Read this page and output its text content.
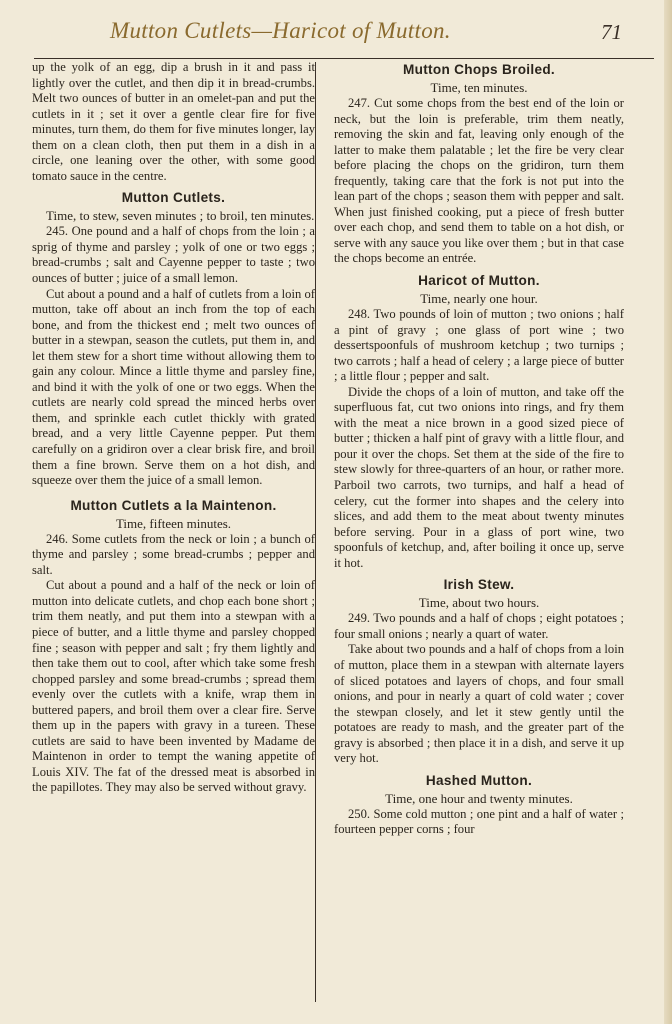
Mutton Cutlets—Haricot of Mutton.	71

up the yolk of an egg, dip a brush in it and pass it lightly over the cutlet, and then dip it in bread-crumbs. Melt two ounces of butter in an omelet-pan and put the cutlets in it ; set it over a gentle clear fire for five minutes, turn them, do them for five minutes longer, lay them on a clean cloth, then put them in a dish in a circle, one leaning over the other, with some good tomato sauce in the centre.

Mutton Cutlets.

Time, to stew, seven minutes ; to broil, ten minutes.

245. One pound and a half of chops from the loin ; a sprig of thyme and parsley ; yolk of one or two eggs ; bread-crumbs ; salt and Cayenne pepper to taste ; two ounces of butter ; juice of a small lemon.

Cut about a pound and a half of cutlets from a loin of mutton, take off about an inch from the top of each bone, and from the thickest end ; melt two ounces of butter in a stewpan, season the cutlets, put them in, and let them stew for a short time without allowing them to gain any colour. Mince a little thyme and parsley fine, and bind it with the yolk of one or two eggs. When the cutlets are nearly cold spread the minced herbs over them, and sprinkle each cutlet thickly with grated bread, and a very little Cayenne pepper. Put them carefully on a gridiron over a clear brisk fire, and broil them a fine brown. Serve them on a hot dish, and squeeze over them the juice of a small lemon.

Mutton Cutlets a la Maintenon.

Time, fifteen minutes.

246. Some cutlets from the neck or loin ; a bunch of thyme and parsley ; some bread-crumbs ; pepper and salt.

Cut about a pound and a half of the neck or loin of mutton into delicate cutlets, and chop each bone short ; trim them neatly, and put them into a stewpan with a piece of butter, and a little thyme and parsley chopped fine ; season with pepper and salt ; fry them lightly and then take them out to cool, after which take some fresh chopped parsley and some bread-crumbs ; spread them evenly over the cutlets with a knife, wrap them in buttered papers, and broil them over a clear fire. Serve them up in the papers with gravy in a tureen. These cutlets are said to have been invented by Madame de Maintenon in order to tempt the waning appetite of Louis XIV. The fat of the dressed meat is absorbed in the papillotes. They may also be served without gravy.

Mutton Chops Broiled.

Time, ten minutes.

247. Cut some chops from the best end of the loin or neck, but the loin is preferable, trim them neatly, removing the skin and fat, leaving only enough of the latter to make them palatable ; let the fire be very clear before placing the chops on the gridiron, turn them frequently, taking care that the fork is not put into the lean part of the chops ; season them with pepper and salt. When just finished cooking, put a piece of fresh butter over each chop, and send them to table on a hot dish, or serve with any sauce you like over them ; but in that case the chops become an entrée.

Haricot of Mutton.

Time, nearly one hour.

248. Two pounds of loin of mutton ; two onions ; half a pint of gravy ; one glass of port wine ; two dessertspoonfuls of mushroom ketchup ; two turnips ; two carrots ; half a head of celery ; a large piece of butter ; a little flour ; pepper and salt.

Divide the chops of a loin of mutton, and take off the superfluous fat, cut two onions into rings, and fry them with the meat a nice brown in a good sized piece of butter ; thicken a half pint of gravy with a little flour, and pour it over the chops. Set them at the side of the fire to stew slowly for three-quarters of an hour, or rather more. Parboil two carrots, two turnips, and half a head of celery, cut the former into shapes and the celery into slices, and add them to the meat about twenty minutes before serving. Pour in a glass of port wine, two spoonfuls of ketchup, and, after boiling it once up, serve it hot.

Irish Stew.

Time, about two hours.

249. Two pounds and a half of chops ; eight potatoes ; four small onions ; nearly a quart of water.

Take about two pounds and a half of chops from a loin of mutton, place them in a stewpan with alternate layers of sliced potatoes and layers of chops, and four small onions, and pour in nearly a quart of cold water ; cover the stewpan closely, and let it stew gently until the potatoes are ready to mash, and the greater part of the gravy is absorbed ; then place it in a dish, and serve it up very hot.

Hashed Mutton.

Time, one hour and twenty minutes.

250. Some cold mutton ; one pint and a half of water ; fourteen pepper corns ; four
